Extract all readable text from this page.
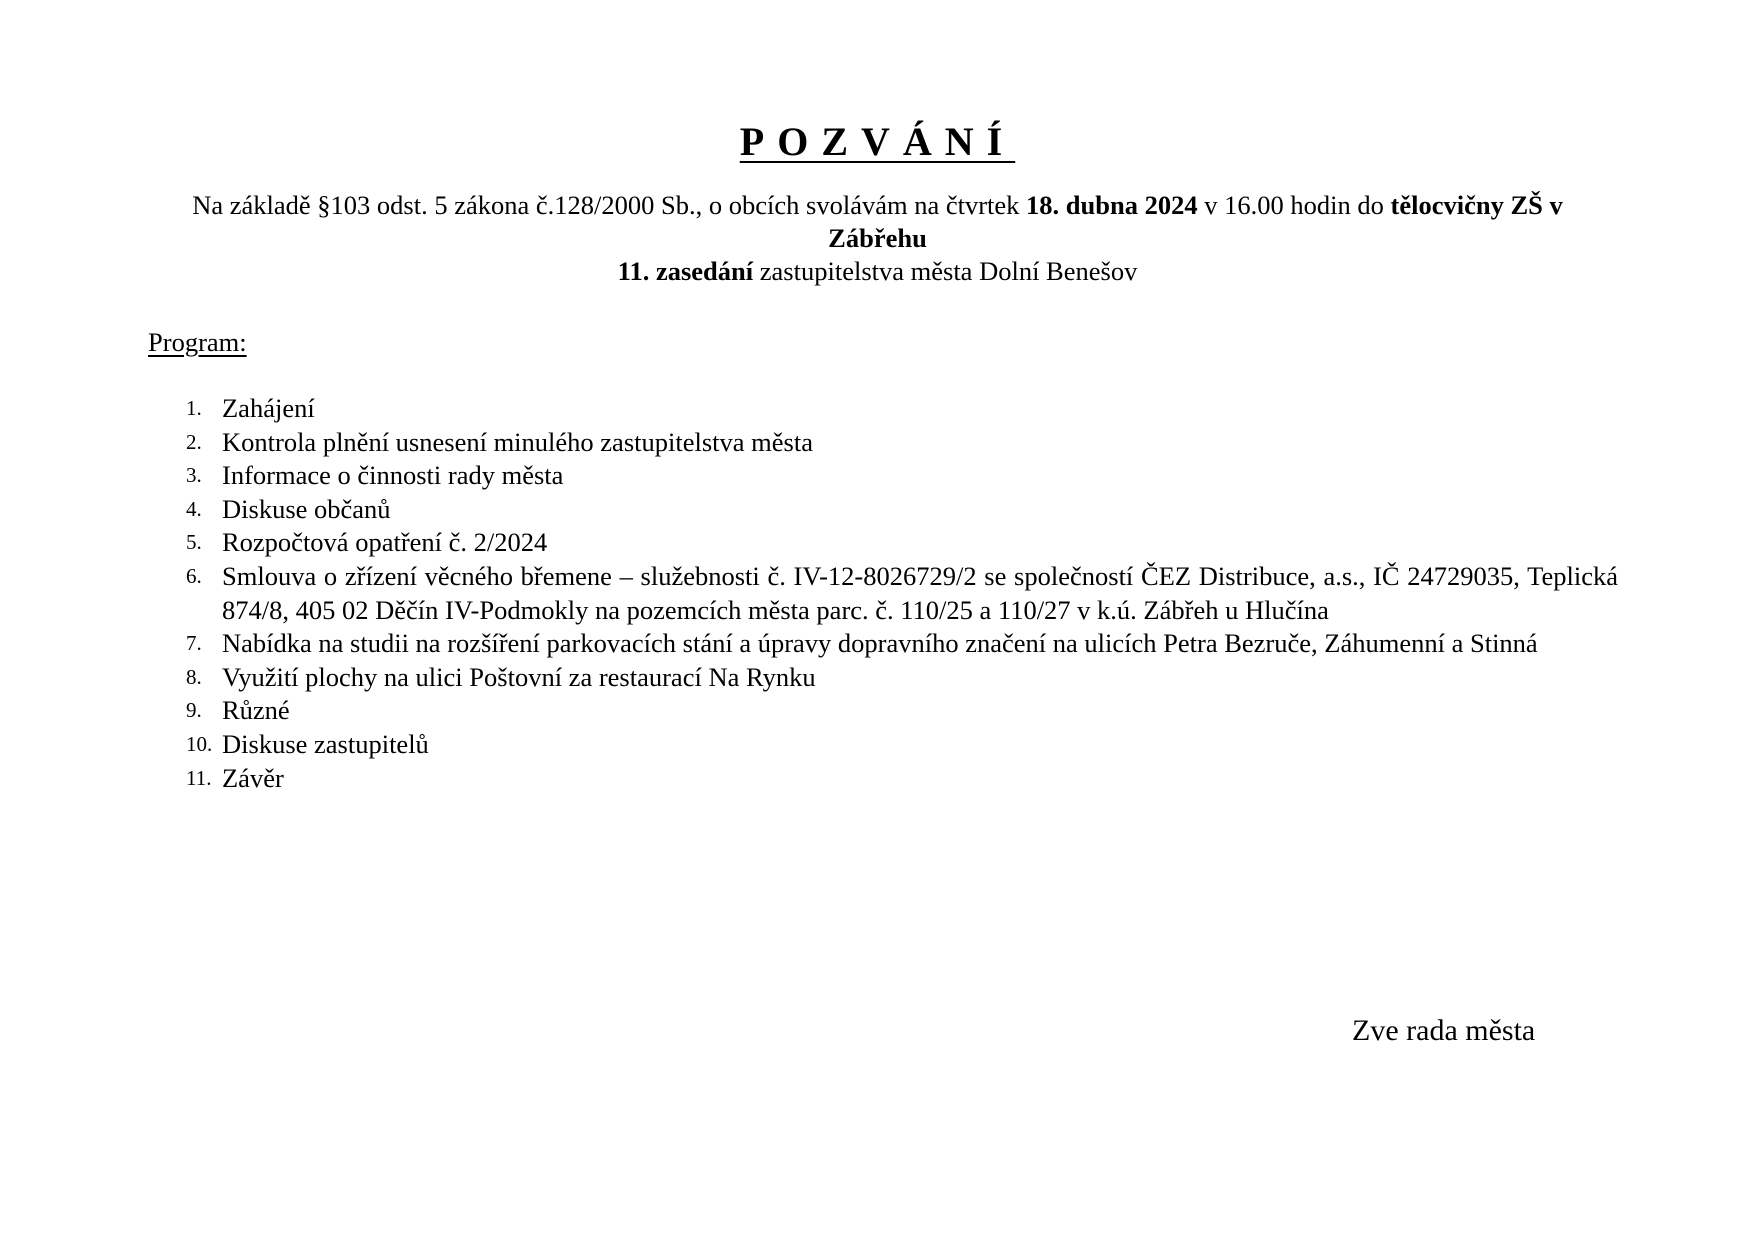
POZVÁNÍ
Na základě §103 odst. 5 zákona č.128/2000 Sb., o obcích svolávám na čtvrtek 18. dubna 2024 v 16.00 hodin do tělocvičny ZŠ v Zábřehu
11. zasedání zastupitelstva města Dolní Benešov
Program:
1. Zahájení
2. Kontrola plnění usnesení minulého zastupitelstva města
3. Informace o činnosti rady města
4. Diskuse občanů
5. Rozpočtová opatření č. 2/2024
6. Smlouva o zřízení věcného břemene – služebnosti č. IV-12-8026729/2 se společností ČEZ Distribuce, a.s., IČ 24729035, Teplická 874/8, 405 02 Děčín IV-Podmokly na pozemcích města parc. č. 110/25 a 110/27 v k.ú. Zábřeh u Hlučína
7. Nabídka na studii na rozšíření parkovacích stání a úpravy dopravního značení na ulicích Petra Bezruče, Záhumenní a Stinná
8. Využití plochy na ulici Poštovní za restaurací Na Rynku
9. Různé
10. Diskuse zastupitelů
11. Závěr
Zve rada města
